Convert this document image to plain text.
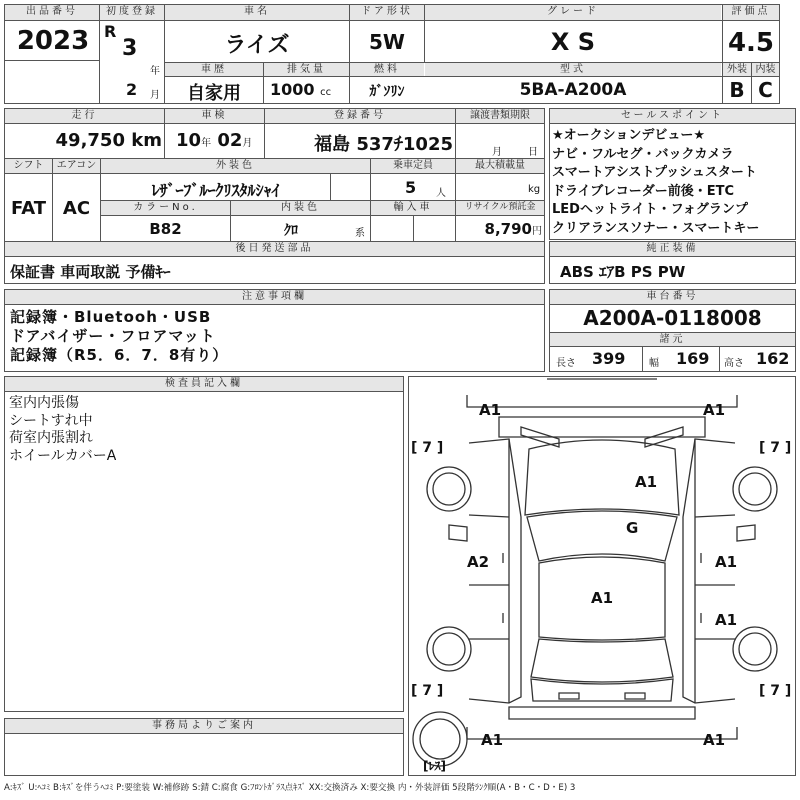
出品番号
2023
初度登録
R
3
年
2 月
車名
ライズ
ドア形状
5W
グレード
X S
評価点
4.5
車歴
自家用
排気量
1000 cc
燃料
ｶﾞｿﾘﾝ
型式
5BA-A200A
外装 内装
B C
走行
49,750 km
車検
10年 02月
登録番号
福島 537ﾁ1025
譲渡書類期限
月	日
シフト	エアコン
FAT AC
外装色
ﾚｻﾞｰﾌﾞﾙｰｸﾘｽﾀﾙｼｬｲ
乗車定員
5 人
最大積載量
kg
カラーNo.
B82
内装色
ｸﾛ	系
輸入車	リサイクル預託金
8,790円
後日発送部品
保証書 車両取説 予備ｷｰ
セールスポイント
★オークションデビュー★
ナビ・フルセグ・バックカメラ
スマートアシストプッシュスタート
ドライブレコーダー前後・ETC
LEDヘットライト・フォグランプ
クリアランスソナー・スマートキー
純正装備
ABS ｴｱB PS PW
注意事項欄
記録簿・Bluetooh・USB
ドアバイザー・フロアマット
記録簿（R5．6．7．8有り）
車台番号
A200A-0118008
諸元
長さ 399 幅 169 高さ 162
検査員記入欄
室内内張傷
シートすれ中
荷室内張割れ
ホイールカバーA
事務局よりご案内
A1	A1
A1
G
A2	A1
A1
A1
A1	A1
[ 7 ]	[ 7 ]
[ 7 ]	[ 7 ]
[ﾚｽ]
A:ｷｽﾞ U:ﾍｺﾐ B:ｷｽﾞを伴うﾍｺﾐ P:要塗装 W:補修跡 S:錆 C:腐食 G:ﾌﾛﾝﾄｶﾞﾗｽ点ｷｽﾞ XX:交換済み X:要交換 内・外装評価 5段階ﾗﾝｸ順(A・B・C・D・E) 3
